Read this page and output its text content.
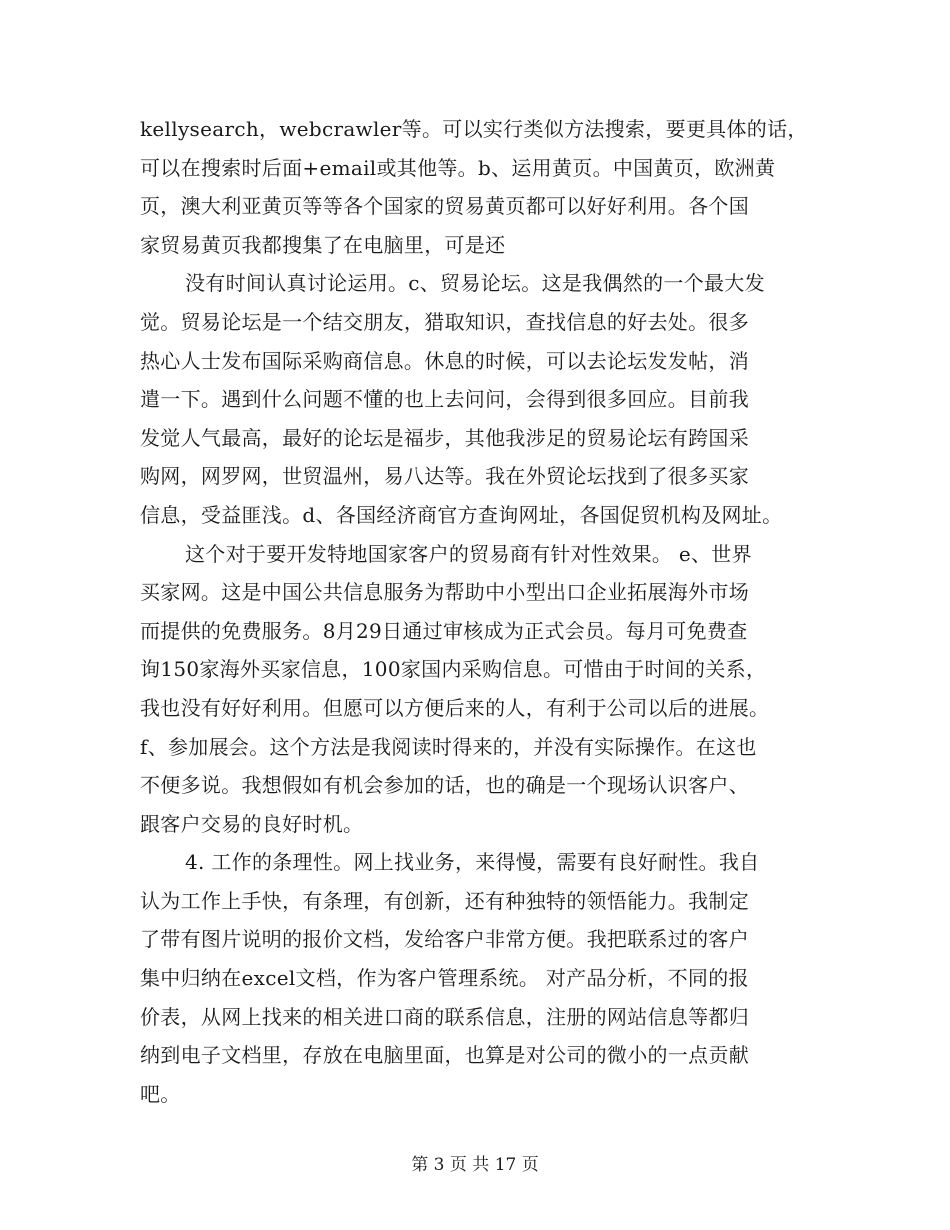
kellysearch，webcrawler等。可以实行类似方法搜索，要更具体的话，
可以在搜索时后面+email或其他等。b、运用黄页。中国黄页，欧洲黄
页，澳大利亚黄页等等各个国家的贸易黄页都可以好好利用。各个国
家贸易黄页我都搜集了在电脑里，可是还
没有时间认真讨论运用。c、贸易论坛。这是我偶然的一个最大发
觉。贸易论坛是一个结交朋友，猎取知识，查找信息的好去处。很多
热心人士发布国际采购商信息。休息的时候，可以去论坛发发帖，消
遣一下。遇到什么问题不懂的也上去问问，会得到很多回应。目前我
发觉人气最高，最好的论坛是福步，其他我涉足的贸易论坛有跨国采
购网，网罗网，世贸温州，易八达等。我在外贸论坛找到了很多买家
信息，受益匪浅。d、各国经济商官方查询网址，各国促贸机构及网址。
这个对于要开发特地国家客户的贸易商有针对性效果。 e、世界
买家网。这是中国公共信息服务为帮助中小型出口企业拓展海外市场
而提供的免费服务。8月29日通过审核成为正式会员。每月可免费查
询150家海外买家信息，100家国内采购信息。可惜由于时间的关系，
我也没有好好利用。但愿可以方便后来的人，有利于公司以后的进展。
f、参加展会。这个方法是我阅读时得来的，并没有实际操作。在这也
不便多说。我想假如有机会参加的话，也的确是一个现场认识客户、
跟客户交易的良好时机。
4. 工作的条理性。网上找业务，来得慢，需要有良好耐性。我自
认为工作上手快，有条理，有创新，还有种独特的领悟能力。我制定
了带有图片说明的报价文档，发给客户非常方便。我把联系过的客户
集中归纳在excel文档，作为客户管理系统。 对产品分析，不同的报
价表，从网上找来的相关进口商的联系信息，注册的网站信息等都归
纳到电子文档里，存放在电脑里面，也算是对公司的微小的一点贡献
吧。
第 3 页 共 17 页
